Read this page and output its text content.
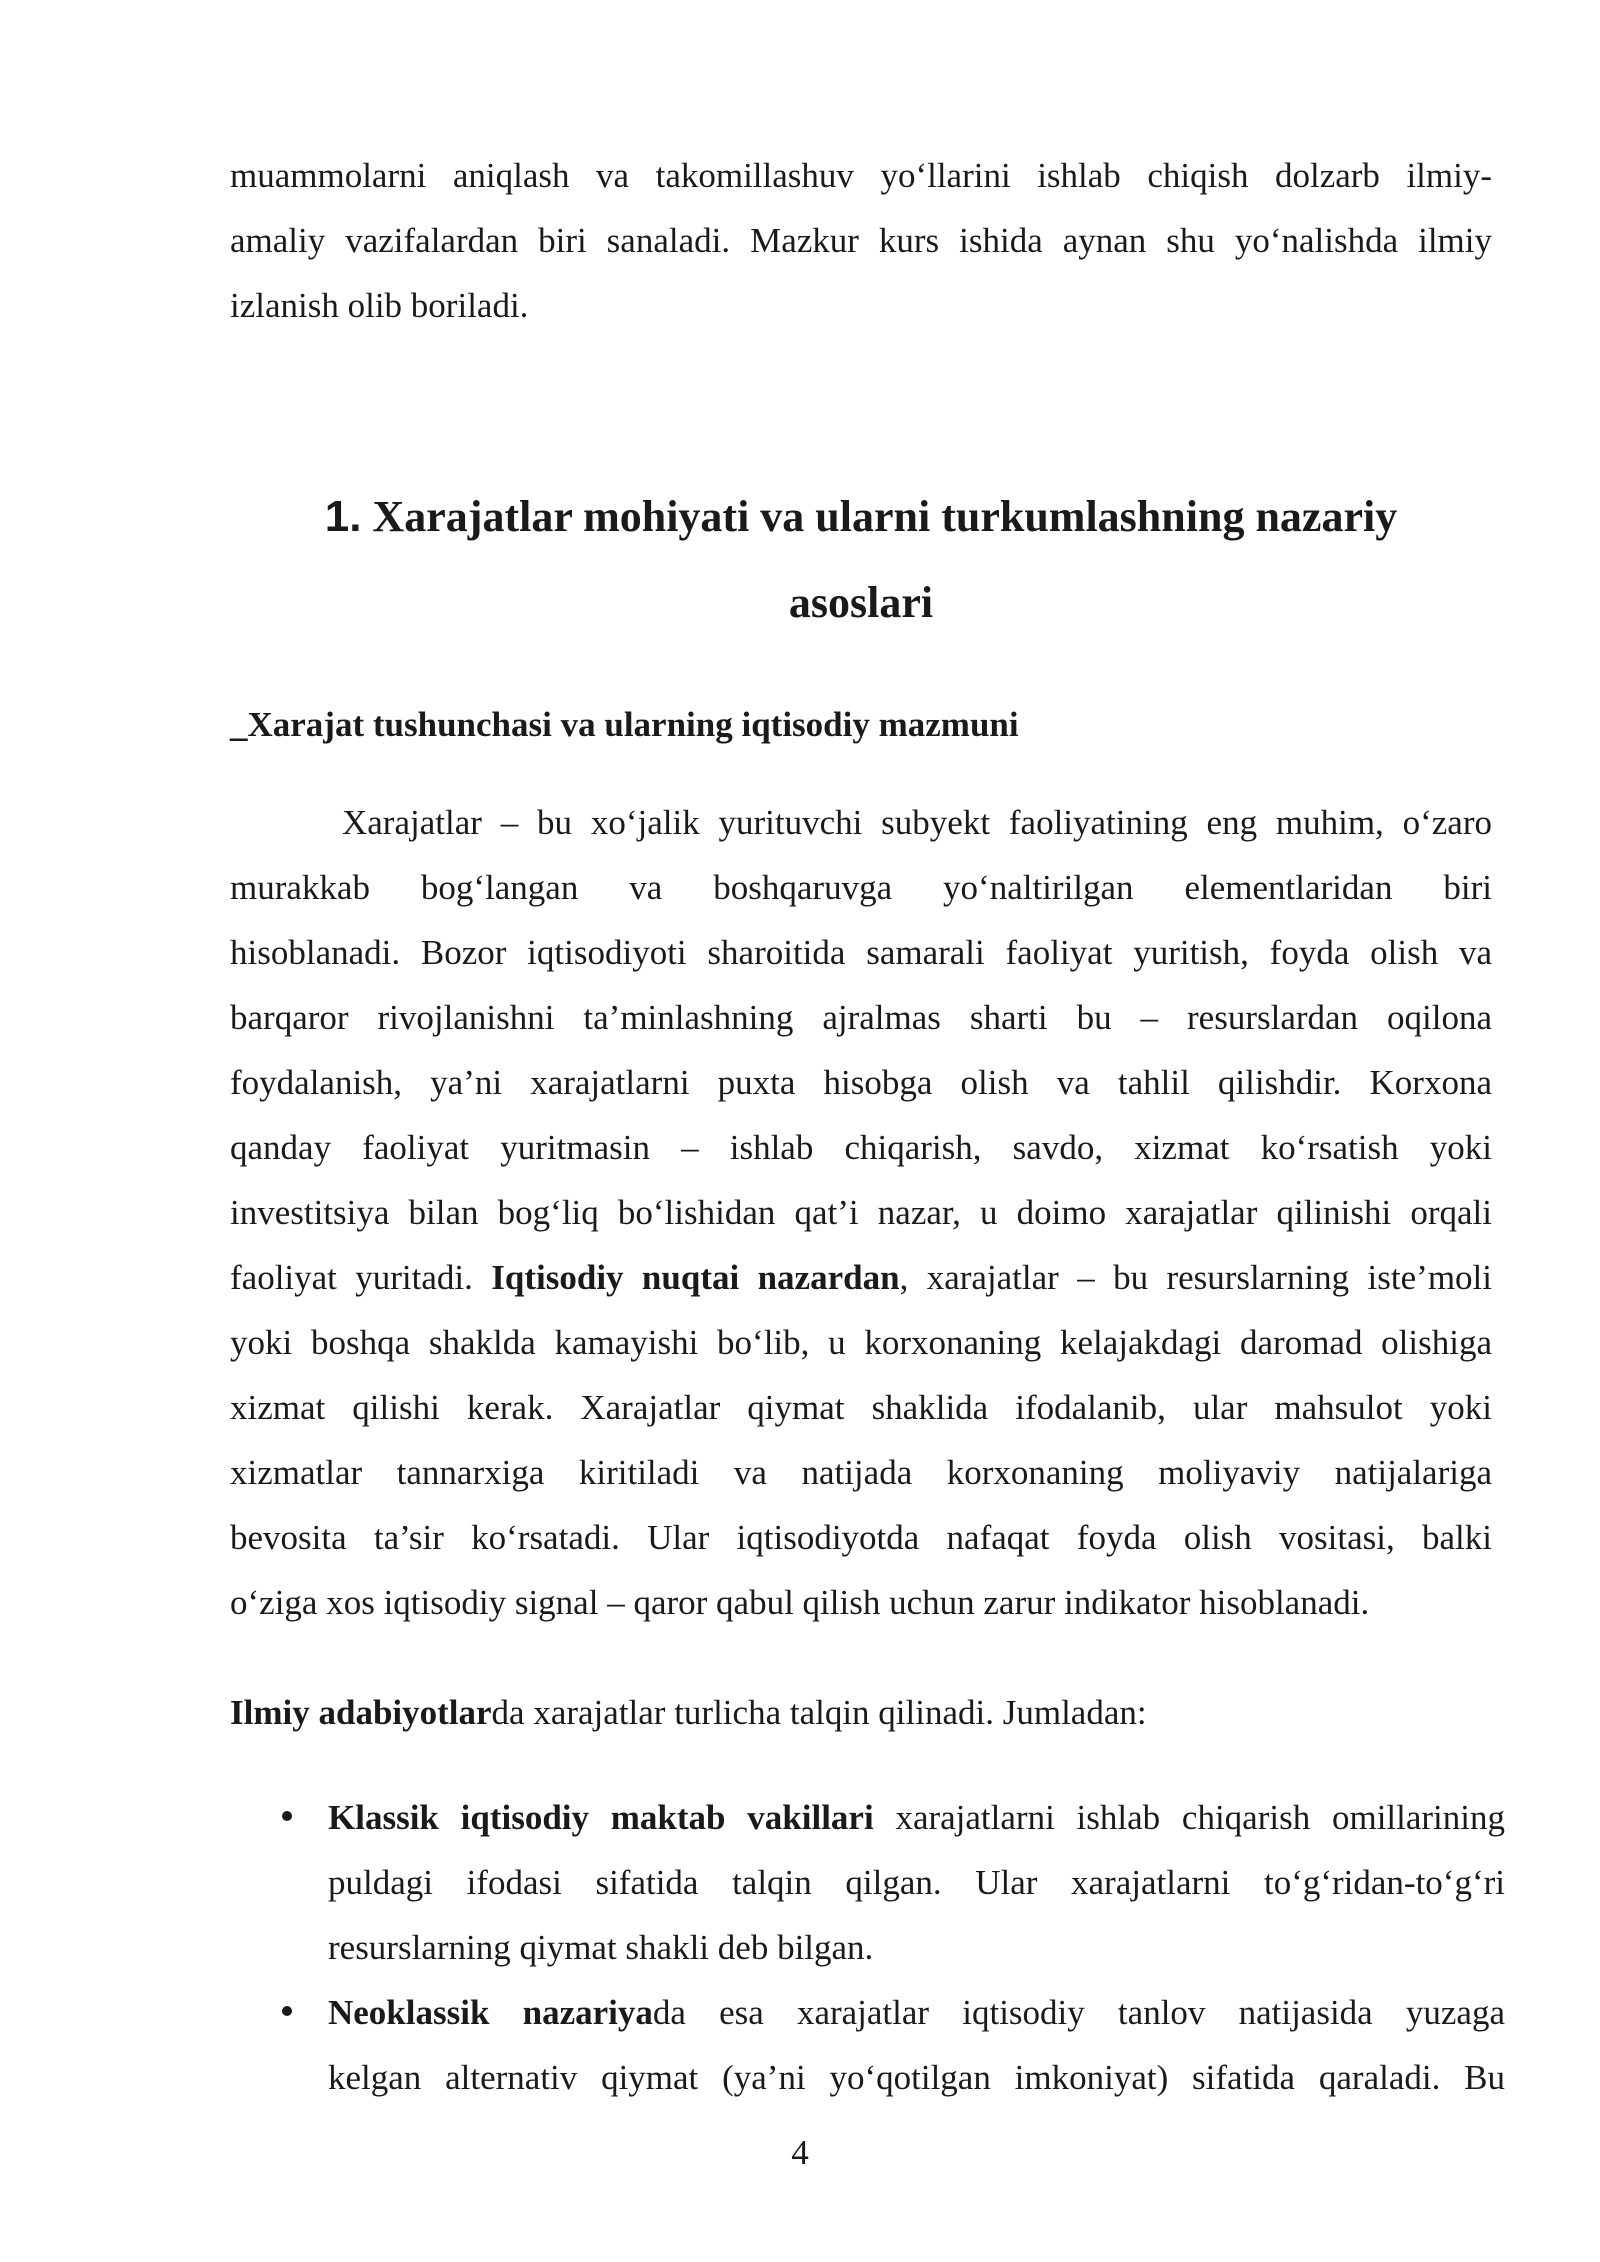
muammolarni aniqlash va takomillashuv yo‘llarini ishlab chiqish dolzarb ilmiy-
amaliy vazifalardan biri sanaladi. Mazkur kurs ishida aynan shu yo‘nalishda ilmiy
izlanish olib boriladi.
1. Xarajatlar mohiyati va ularni turkumlashning nazariy
asoslari
_Xarajat tushunchasi va ularning iqtisodiy mazmuni
Xarajatlar – bu xo‘jalik yurituvchi subyekt faoliyatining eng muhim, o‘zaro
murakkab bog‘langan va boshqaruvga yo‘naltirilgan elementlaridan biri
hisoblanadi. Bozor iqtisodiyoti sharoitida samarali faoliyat yuritish, foyda olish va
barqaror rivojlanishni ta’minlashning ajralmas sharti bu – resurslardan oqilona
foydalanish, ya’ni xarajatlarni puxta hisobga olish va tahlil qilishdir. Korxona
qanday faoliyat yuritmasin – ishlab chiqarish, savdo, xizmat ko‘rsatish yoki
investitsiya bilan bog‘liq bo‘lishidan qat’i nazar, u doimo xarajatlar qilinishi orqali
faoliyat yuritadi. Iqtisodiy nuqtai nazardan, xarajatlar – bu resurslarning iste’moli
yoki boshqa shaklda kamayishi bo‘lib, u korxonaning kelajakdagi daromad olishiga
xizmat qilishi kerak. Xarajatlar qiymat shaklida ifodalanib, ular mahsulot yoki
xizmatlar tannarxiga kiritiladi va natijada korxonaning moliyaviy natijalariga
bevosita ta’sir ko‘rsatadi. Ular iqtisodiyotda nafaqat foyda olish vositasi, balki
o‘ziga xos iqtisodiy signal – qaror qabul qilish uchun zarur indikator hisoblanadi.
Ilmiy adabiyotlarda xarajatlar turlicha talqin qilinadi. Jumladan:
Klassik iqtisodiy maktab vakillari xarajatlarni ishlab chiqarish omillarining
puldagi ifodasi sifatida talqin qilgan. Ular xarajatlarni to‘g‘ridan-to‘g‘ri
resurslarning qiymat shakli deb bilgan.
Neoklassik nazariyada esa xarajatlar iqtisodiy tanlov natijasida yuzaga
kelgan alternativ qiymat (ya’ni yo‘qotilgan imkoniyat) sifatida qaraladi. Bu
4
